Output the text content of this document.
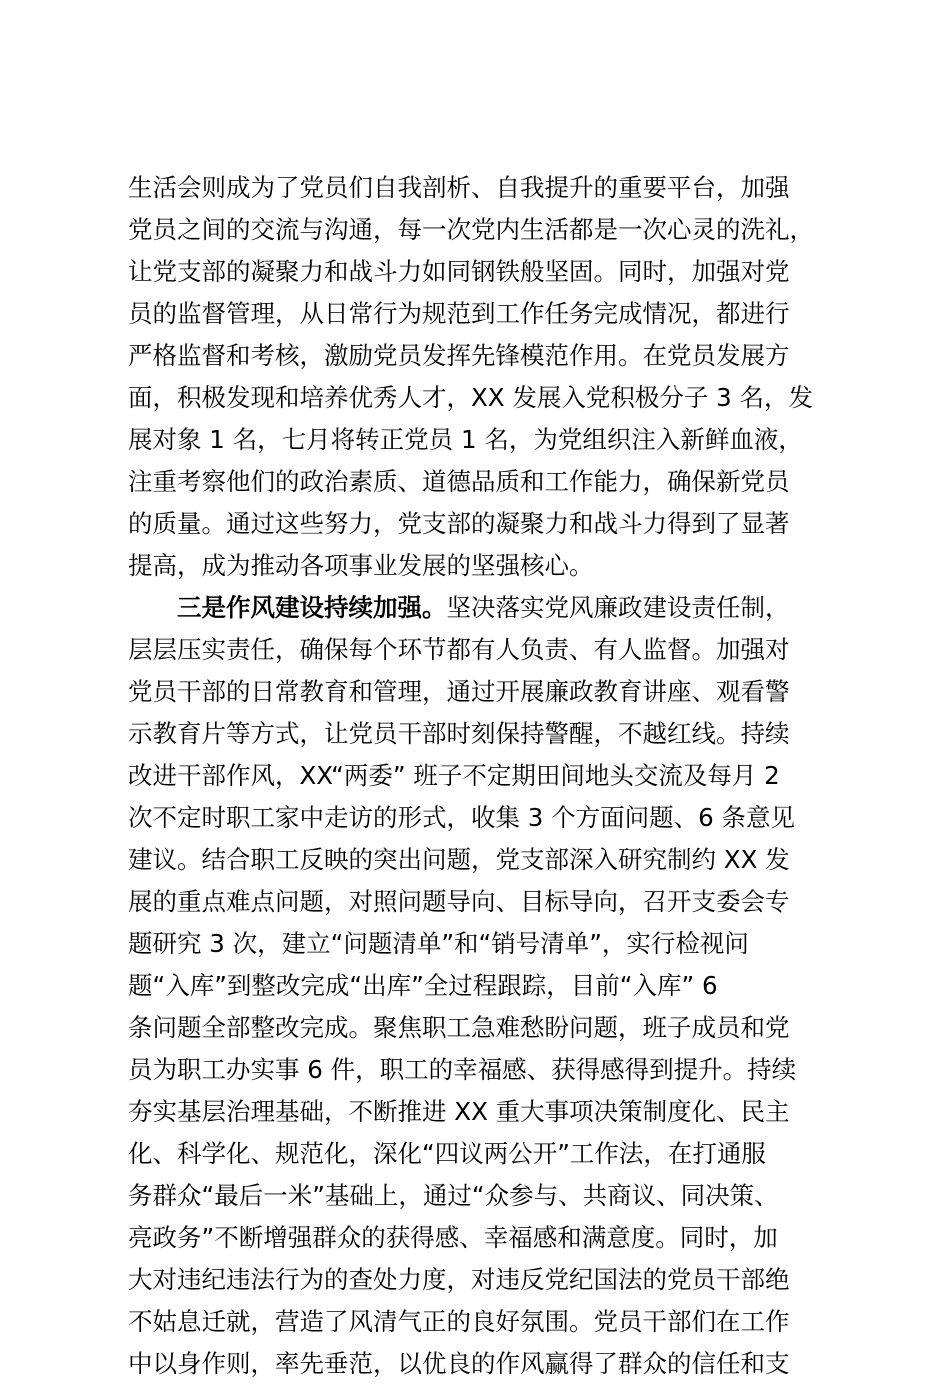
生活会则成为了党员们自我剖析、自我提升的重要平台，加强
党员之间的交流与沟通，每一次党内生活都是一次心灵的洗礼，
让党支部的凝聚力和战斗力如同钢铁般坚固。同时，加强对党
员的监督管理，从日常行为规范到工作任务完成情况，都进行
严格监督和考核，激励党员发挥先锋模范作用。在党员发展方
面，积极发现和培养优秀人才，XX 发展入党积极分子 3 名，发
展对象 1 名，七月将转正党员 1 名，为党组织注入新鲜血液，
注重考察他们的政治素质、道德品质和工作能力，确保新党员
的质量。通过这些努力，党支部的凝聚力和战斗力得到了显著
提高，成为推动各项事业发展的坚强核心。
三是作风建设持续加强。坚决落实党风廉政建设责任制，
层层压实责任，确保每个环节都有人负责、有人监督。加强对
党员干部的日常教育和管理，通过开展廉政教育讲座、观看警
示教育片等方式，让党员干部时刻保持警醒，不越红线。持续
改进干部作风，XX“两委” 班子不定期田间地头交流及每月 2
次不定时职工家中走访的形式，收集 3 个方面问题、6 条意见
建议。结合职工反映的突出问题，党支部深入研究制约 XX 发
展的重点难点问题，对照问题导向、目标导向，召开支委会专
题研究 3 次，建立“问题清单”和“销号清单”，实行检视问
题“入库”到整改完成“出库”全过程跟踪，目前“入库” 6
条问题全部整改完成。聚焦职工急难愁盼问题，班子成员和党
员为职工办实事 6 件，职工的幸福感、获得感得到提升。持续
夯实基层治理基础，不断推进 XX 重大事项决策制度化、民主
化、科学化、规范化，深化“四议两公开”工作法，在打通服
务群众“最后一米”基础上，通过“众参与、共商议、同决策、
亮政务”不断增强群众的获得感、幸福感和满意度。同时，加
大对违纪违法行为的查处力度，对违反党纪国法的党员干部绝
不姑息迁就，营造了风清气正的良好氛围。党员干部们在工作
中以身作则，率先垂范，以优良的作风赢得了群众的信任和支
